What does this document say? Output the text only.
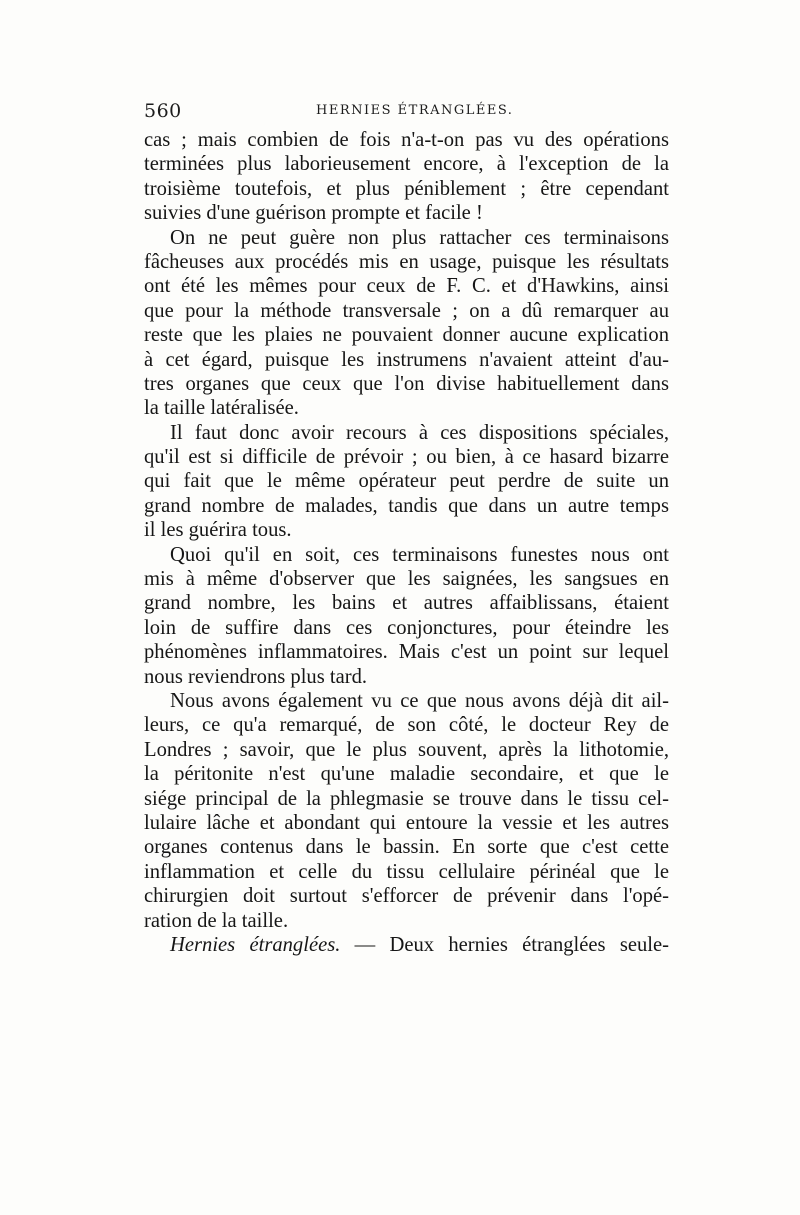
560	HERNIES ÉTRANGLÉES.
cas ; mais combien de fois n'a-t-on pas vu des opérations
terminées plus laborieusement encore, à l'exception de la
troisième toutefois, et plus péniblement ; être cependant
suivies d'une guérison prompte et facile !
On ne peut guère non plus rattacher ces terminaisons
fâcheuses aux procédés mis en usage, puisque les résultats
ont été les mêmes pour ceux de F. C. et d'Hawkins, ainsi
que pour la méthode transversale ; on a dû remarquer au
reste que les plaies ne pouvaient donner aucune explication
à cet égard, puisque les instrumens n'avaient atteint d'au-
tres organes que ceux que l'on divise habituellement dans
la taille latéralisée.
Il faut donc avoir recours à ces dispositions spéciales,
qu'il est si difficile de prévoir ; ou bien, à ce hasard bizarre
qui fait que le même opérateur peut perdre de suite un
grand nombre de malades, tandis que dans un autre temps
il les guérira tous.
Quoi qu'il en soit, ces terminaisons funestes nous ont
mis à même d'observer que les saignées, les sangsues en
grand nombre, les bains et autres affaiblissans, étaient
loin de suffire dans ces conjonctures, pour éteindre les
phénomènes inflammatoires. Mais c'est un point sur lequel
nous reviendrons plus tard.
Nous avons également vu ce que nous avons déjà dit ail-
leurs, ce qu'a remarqué, de son côté, le docteur Rey de
Londres ; savoir, que le plus souvent, après la lithotomie,
la péritonite n'est qu'une maladie secondaire, et que le
siége principal de la phlegmasie se trouve dans le tissu cel-
lulaire lâche et abondant qui entoure la vessie et les autres
organes contenus dans le bassin. En sorte que c'est cette
inflammation et celle du tissu cellulaire périnéal que le
chirurgien doit surtout s'efforcer de prévenir dans l'opé-
ration de la taille.
Hernies étranglées. — Deux hernies étranglées seule-
